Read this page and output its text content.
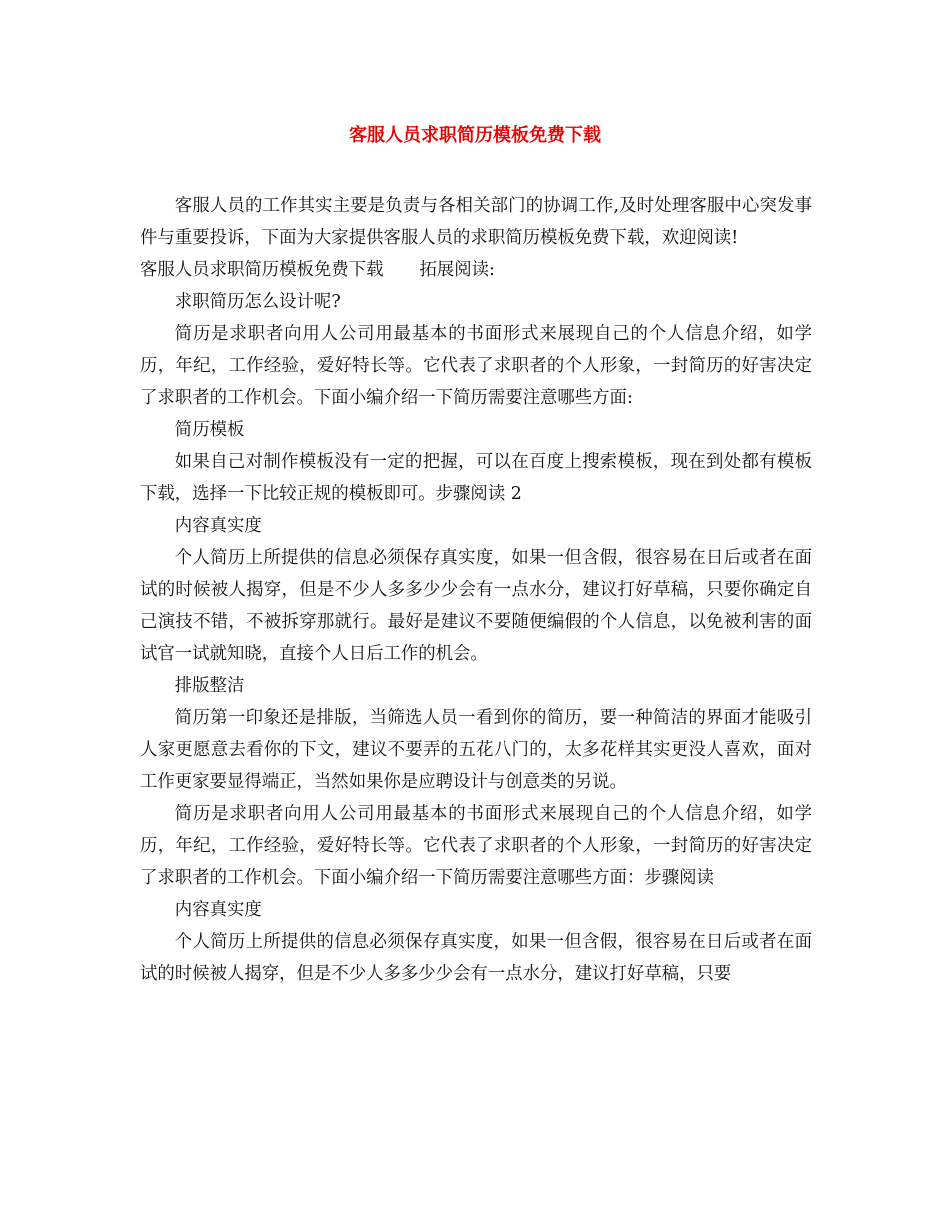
客服人员求职简历模板免费下载

客服人员的工作其实主要是负责与各相关部门的协调工作,及时处理客服中心突发事件与重要投诉，下面为大家提供客服人员的求职简历模板免费下载，欢迎阅读!

客服人员求职简历模板免费下载 拓展阅读:

求职简历怎么设计呢?

简历是求职者向用人公司用最基本的书面形式来展现自己的个人信息介绍，如学历，年纪，工作经验，爱好特长等。它代表了求职者的个人形象，一封简历的好害决定了求职者的工作机会。下面小编介绍一下简历需要注意哪些方面:

简历模板

如果自己对制作模板没有一定的把握，可以在百度上搜索模板，现在到处都有模板下载，选择一下比较正规的模板即可。步骤阅读 2

内容真实度

个人简历上所提供的信息必须保存真实度，如果一但含假，很容易在日后或者在面试的时候被人揭穿，但是不少人多多少少会有一点水分，建议打好草稿，只要你确定自己演技不错，不被拆穿那就行。最好是建议不要随便编假的个人信息，以免被利害的面试官一试就知晓，直接个人日后工作的机会。

排版整洁

简历第一印象还是排版，当筛选人员一看到你的简历，要一种简洁的界面才能吸引人家更愿意去看你的下文，建议不要弄的五花八门的，太多花样其实更没人喜欢，面对工作更家要显得端正，当然如果你是应聘设计与创意类的另说。

简历是求职者向用人公司用最基本的书面形式来展现自己的个人信息介绍，如学历，年纪，工作经验，爱好特长等。它代表了求职者的个人形象，一封简历的好害决定了求职者的工作机会。下面小编介绍一下简历需要注意哪些方面：步骤阅读

内容真实度

个人简历上所提供的信息必须保存真实度，如果一但含假，很容易在日后或者在面试的时候被人揭穿，但是不少人多多少少会有一点水分，建议打好草稿，只要
